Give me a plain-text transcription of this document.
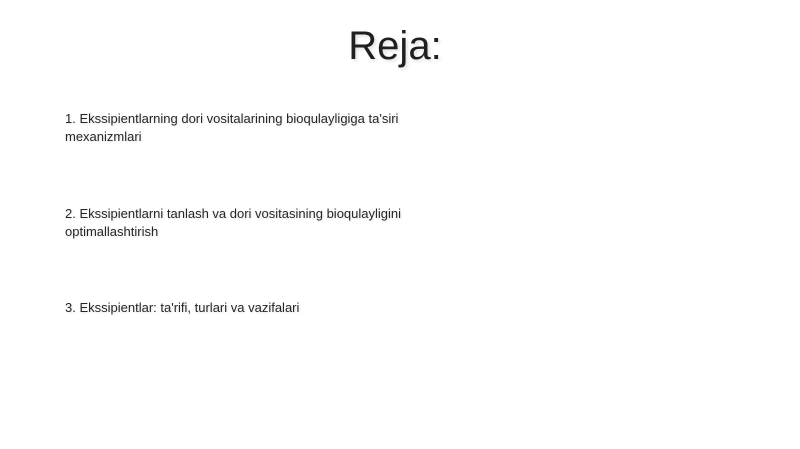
Reja:
1. Ekssipientlarning dori vositalarining bioqulayligiga ta'siri mexanizmlari
2. Ekssipientlarni tanlash va dori vositasining bioqulayligini optimallashtirish
3. Ekssipientlar: ta'rifi, turlari va vazifalari
